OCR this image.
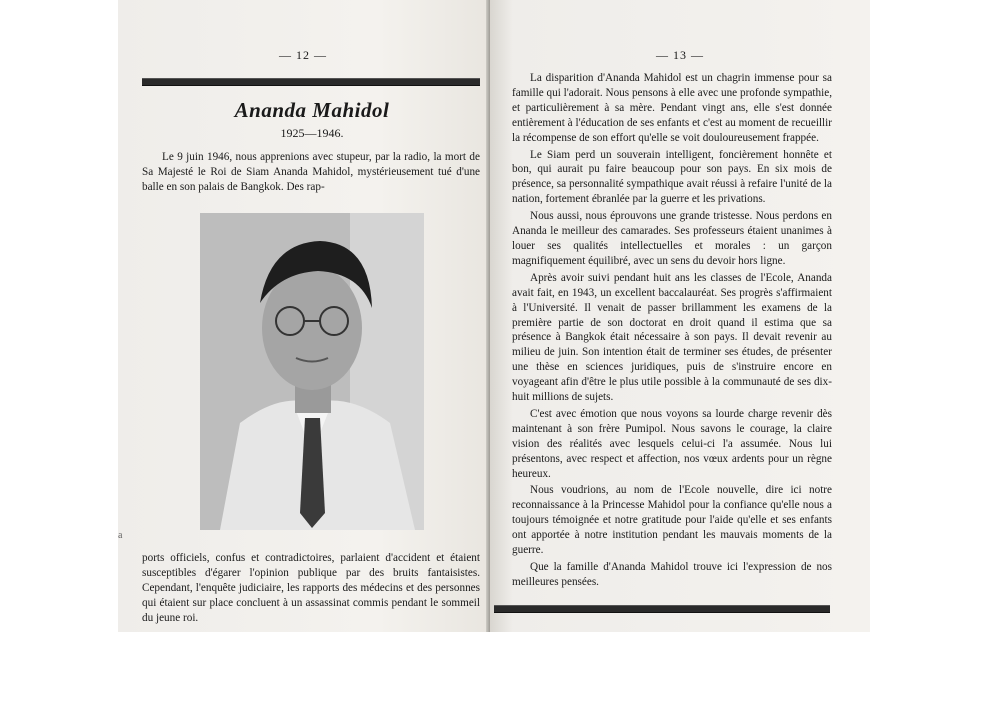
— 12 —
Ananda Mahidol
1925—1946.
Le 9 juin 1946, nous apprenions avec stupeur, par la radio, la mort de Sa Majesté le Roi de Siam Ananda Mahidol, mystérieusement tué d'une balle en son palais de Bangkok. Des rap-
a
ports officiels, confus et contradictoires, parlaient d'accident et étaient susceptibles d'égarer l'opinion publique par des bruits fantaisistes. Cependant, l'enquête judiciaire, les rapports des médecins et des personnes qui étaient sur place concluent à un assassinat commis pendant le sommeil du jeune roi.
— 13 —

La disparition d'Ananda Mahidol est un chagrin immense pour sa famille qui l'adorait. Nous pensons à elle avec une profonde sympathie, et particulièrement à sa mère. Pendant vingt ans, elle s'est donnée entièrement à l'éducation de ses enfants et c'est au moment de recueillir la récompense de son effort qu'elle se voit douloureusement frappée.

Le Siam perd un souverain intelligent, foncièrement honnête et bon, qui aurait pu faire beaucoup pour son pays. En six mois de présence, sa personnalité sympathique avait réussi à refaire l'unité de la nation, fortement ébranlée par la guerre et les privations.

Nous aussi, nous éprouvons une grande tristesse. Nous perdons en Ananda le meilleur des camarades. Ses professeurs étaient unanimes à louer ses qualités intellectuelles et morales : un garçon magnifiquement équilibré, avec un sens du devoir hors ligne.

Après avoir suivi pendant huit ans les classes de l'Ecole, Ananda avait fait, en 1943, un excellent baccalauréat. Ses progrès s'affirmaient à l'Université. Il venait de passer brillamment les examens de la première partie de son doctorat en droit quand il estima que sa présence à Bangkok était nécessaire à son pays. Il devait revenir au milieu de juin. Son intention était de terminer ses études, de présenter une thèse en sciences juridiques, puis de s'instruire encore en voyageant afin d'être le plus utile possible à la communauté de ses dix-huit millions de sujets.

C'est avec émotion que nous voyons sa lourde charge revenir dès maintenant à son frère Pumipol. Nous savons le courage, la claire vision des réalités avec lesquels celui-ci l'a assumée. Nous lui présentons, avec respect et affection, nos vœux ardents pour un règne heureux.

Nous voudrions, au nom de l'Ecole nouvelle, dire ici notre reconnaissance à la Princesse Mahidol pour la confiance qu'elle nous a toujours témoignée et notre gratitude pour l'aide qu'elle et ses enfants ont apportée à notre institution pendant les mauvais moments de la guerre.

Que la famille d'Ananda Mahidol trouve ici l'expression de nos meilleures pensées.
